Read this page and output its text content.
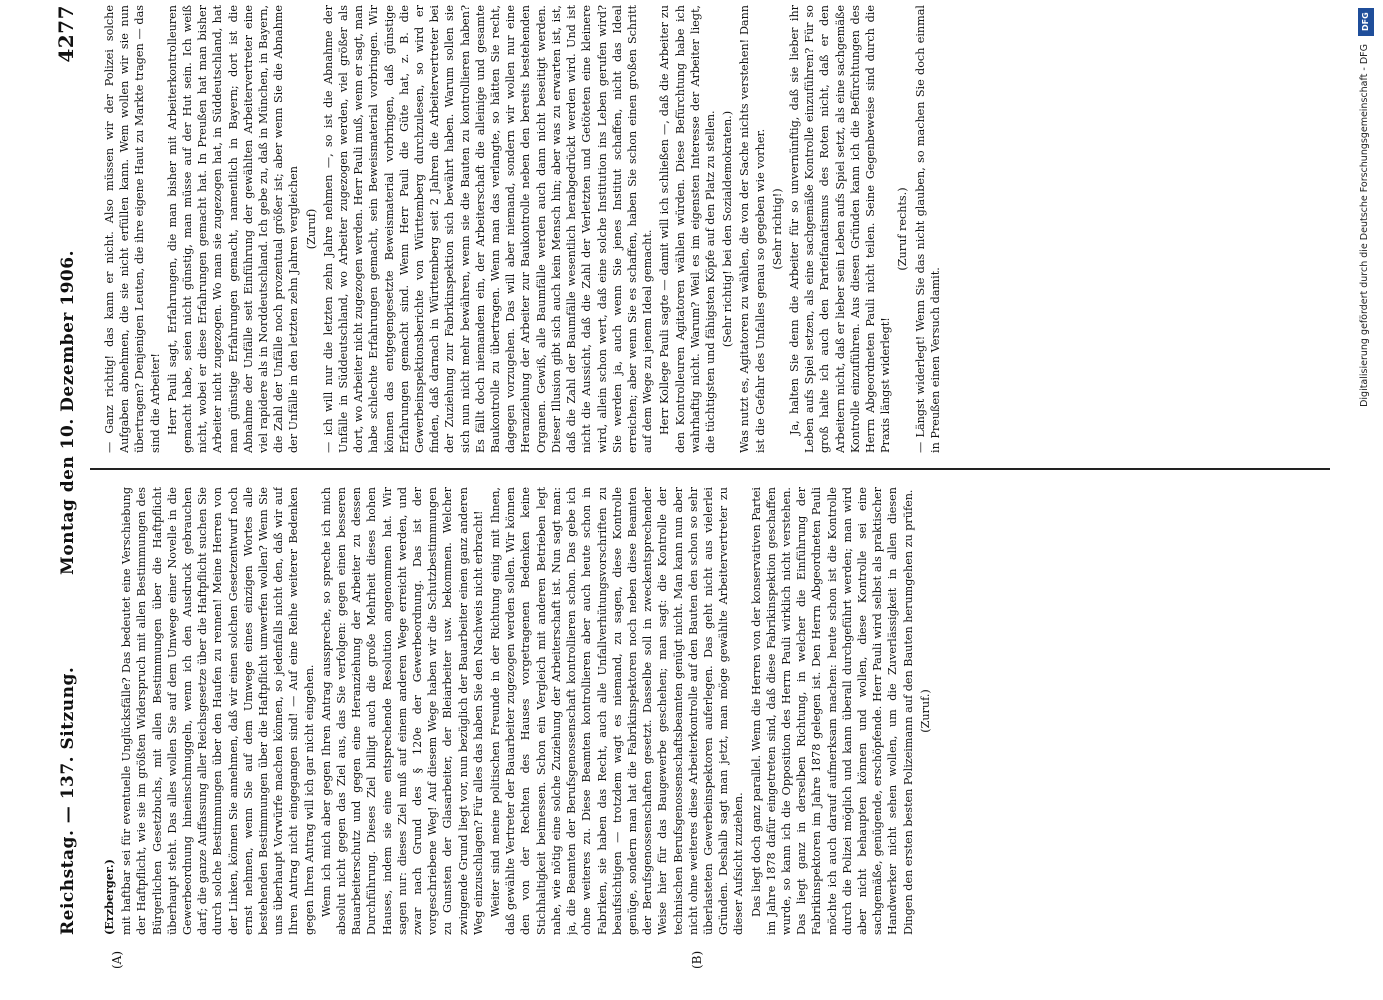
Reichstag. — 137. Sitzung.
Montag den 10. Dezember 1906.
4277
(A)	(B)

(Erzberger.) mit haftbar sei für eventuelle Unglücksfälle? Das bedeutet eine Verschiebung der Haftpflicht, wie sie im größten Widerspruch mit allen Bestimmungen des Bürgerlichen Gesetzbuchs, mit allen Bestimmungen über die Haftpflicht überhaupt steht. Das alles wollen Sie auf dem Umwege einer Novelle in die Gewerbeordnung hineinschmuggeln, wenn ich den Ausdruck gebrauchen darf; die ganze Auffassung aller Reichsgesetze über die Haftpflicht suchen Sie durch solche Bestimmungen über den Haufen zu rennen! Meine Herren von der Linken, können Sie annehmen, daß wir einen solchen Gesetzentwurf noch ernst nehmen, wenn Sie auf dem Umwege eines einzigen Wortes alle bestehenden Bestimmungen über die Haftpflicht umwerfen wollen? Wenn Sie uns überhaupt Vorwürfe machen können, so jedenfalls nicht den, daß wir auf Ihren Antrag nicht eingegangen sind! — Auf eine Reihe weiterer Bedenken gegen Ihren Antrag will ich gar nicht eingehen. Wenn ich mich aber gegen Ihren Antrag ausspreche, so spreche ich mich absolut nicht gegen das Ziel aus, das Sie verfolgen: gegen einen besseren Bauarbeiterschutz und gegen eine Heranziehung der Arbeiter zu dessen Durchführung. Dieses Ziel billigt auch die große Mehrheit dieses hohen Hauses, indem sie eine entsprechende Resolution angenommen hat. Wir sagen nur: dieses Ziel muß auf einem anderen Wege erreicht werden, und zwar nach Grund des § 120e der Gewerbeordnung. Das ist der vorgeschriebene Weg! Auf diesem Wege haben wir die Schutzbestimmungen zu Gunsten der Glasarbeiter, der Bleiarbeiter usw. bekommen. Welcher zwingende Grund liegt vor, nun bezüglich der Bauarbeiter einen ganz anderen Weg einzuschlagen? Für alles das haben Sie den Nachweis nicht erbracht! Weiter sind meine politischen Freunde in der Richtung einig mit Ihnen, daß gewählte Vertreter der Bauarbeiter zugezogen werden sollen. Wir können den von der Rechten des Hauses vorgetragenen Bedenken keine Stichhaltigkeit beimessen. Schon ein Vergleich mit anderen Betrieben legt nahe, wie nötig eine solche Zuziehung der Arbeiterschaft ist. Nun sagt man: ja, die Beamten der Berufsgenossenschaft kontrollieren schon. Das gebe ich ohne weiteres zu. Diese Beamten kontrollieren aber auch heute schon in Fabriken, sie haben das Recht, auch alle Unfallverhütungsvorschriften zu beaufsichtigen — trotzdem wagt es niemand, zu sagen, diese Kontrolle genüge, sondern man hat die Fabrikinspektoren noch neben diese Beamten der Berufsgenossenschaften gesetzt. Dasselbe soll in zweckentsprechender Weise hier für das Baugewerbe geschehen; man sagt: die Kontrolle der technischen Berufsgenossenschaftsbeamten genügt nicht. Man kann nun aber nicht ohne weiteres diese Arbeiterkontrolle auf den Bauten den schon so sehr überlasteten Gewerbeinspektoren auferlegen. Das geht nicht aus vielerlei Gründen. Deshalb sagt man jetzt, man möge gewählte Arbeitervertreter zu dieser Aufsicht zuziehen. Das liegt doch ganz parallel. Wenn die Herren von der konservativen Partei im Jahre 1878 dafür eingetreten sind, daß diese Fabrikinspektion geschaffen wurde, so kann ich die Opposition des Herrn Pauli wirklich nicht verstehen. Das liegt ganz in derselben Richtung, in welcher die Einführung der Fabrikinspektoren im Jahre 1878 gelegen ist. Den Herrn Abgeordneten Pauli möchte ich auch darauf aufmerksam machen: heute schon ist die Kontrolle durch die Polizei möglich und kann überall durchgeführt werden; man wird aber nicht behaupten können und wollen, diese Kontrolle sei eine sachgemäße, genügende, erschöpfende. Herr Pauli wird selbst als praktischer Handwerker nicht sehen wollen, um die Zuverlässigkeit in allen diesen Dingen den ersten besten Polizeimann auf den Bauten herumgehen zu prüfen. (Zuruf.)

— Ganz richtig! das kann er nicht. Also müssen wir der Polizei solche Aufgaben abnehmen, die sie nicht erfüllen kann. Wem wollen wir sie nun übertragen? Denjenigen Leuten, die ihre eigene Haut zu Markte tragen — das sind die Arbeiter! Herr Pauli sagt, Erfahrungen, die man bisher mit Arbeiterkontrolleuren gemacht habe, seien nicht günstig, man müsse auf der Hut sein. Ich weiß nicht, wobei er diese Erfahrungen gemacht hat. In Preußen hat man bisher Arbeiter nicht zugezogen. Wo man sie zugezogen hat, in Süddeutschland, hat man günstige Erfahrungen gemacht, namentlich in Bayern; dort ist die Abnahme der Unfälle seit Einführung der gewählten Arbeitervertreter eine viel rapidere als in Norddeutschland. Ich gebe zu, daß in München, in Bayern, die Zahl der Unfälle noch prozentual größer ist; aber wenn Sie die Abnahme der Unfälle in den letzten zehn Jahren vergleichen (Zuruf) — ich will nur die letzten zehn Jahre nehmen —, so ist die Abnahme der Unfälle in Süddeutschland, wo Arbeiter zugezogen werden, viel größer als dort, wo Arbeiter nicht zugezogen werden. Herr Pauli muß, wenn er sagt, man habe schlechte Erfahrungen gemacht, sein Beweismaterial vorbringen. Wir können das entgegengesetzte Beweismaterial vorbringen, daß günstige Erfahrungen gemacht sind. Wenn Herr Pauli die Güte hat, z. B. die Gewerbeinspektionsberichte von Württemberg durchzulesen, so wird er finden, daß darnach in Württemberg seit 2 Jahren die Arbeitervertreter bei der Zuziehung zur Fabrikinspektion sich bewährt haben. Warum sollen sie sich nun nicht mehr bewähren, wenn sie die Bauten zu kontrollieren haben? Es fällt doch niemandem ein, der Arbeiterschaft die alleinige und gesamte Baukontrolle zu übertragen. Wenn man das verlangte, so hätten Sie recht, dagegen vorzugehen. Das will aber niemand, sondern wir wollen nur eine Heranziehung der Arbeiter zur Baukontrolle neben den bereits bestehenden Organen. Gewiß, alle Baumfälle werden auch dann nicht beseitigt werden. Dieser Illusion gibt sich auch kein Mensch hin; aber was zu erwarten ist, ist, daß die Zahl der Baumfälle wesentlich herabgedrückt werden wird. Und ist nicht die Aussicht, daß die Zahl der Verletzten und Getöteten eine kleinere wird, allein schon wert, daß eine solche Institution ins Leben gerufen wird? Sie werden ja, auch wenn Sie jenes Institut schaffen, nicht das Ideal erreichen; aber wenn Sie es schaffen, haben Sie schon einen großen Schritt auf dem Wege zu jenem Ideal gemacht. Herr Kollege Pauli sagte — damit will ich schließen —, daß die Arbeiter zu den Kontrolleuren Agitatoren wählen würden. Diese Befürchtung habe ich wahrhaftig nicht. Warum? Weil es im eigensten Interesse der Arbeiter liegt, die tüchtigsten und fähigsten Köpfe auf den Platz zu stellen. (Sehr richtig! bei den Sozialdemokraten.) Was nutzt es, Agitatoren zu wählen, die von der Sache nichts verstehen! Dann ist die Gefahr des Unfalles genau so gegeben wie vorher. (Sehr richtig!) Ja, halten Sie denn die Arbeiter für so unvernünftig, daß sie lieber ihr Leben aufs Spiel setzen, als eine sachgemäße Kontrolle einzuführen? Für so groß halte ich auch den Parteifanatismus des Roten nicht, daß er den Arbeitern nicht, daß er lieber sein Leben aufs Spiel setzt, als eine sachgemäße Kontrolle einzuführen. Aus diesen Gründen kann ich die Befürchtungen des Herrn Abgeordneten Pauli nicht teilen. Seine Gegenbeweise sind durch die Praxis längst widerlegt!

(Zuruf rechts.) — Längst widerlegt! Wenn Sie das nicht glauben, so machen Sie doch einmal in Preußen einen Versuch damit.

DFG
Digitalisierung gefördert durch die Deutsche Forschungsgemeinschaft - DFG
